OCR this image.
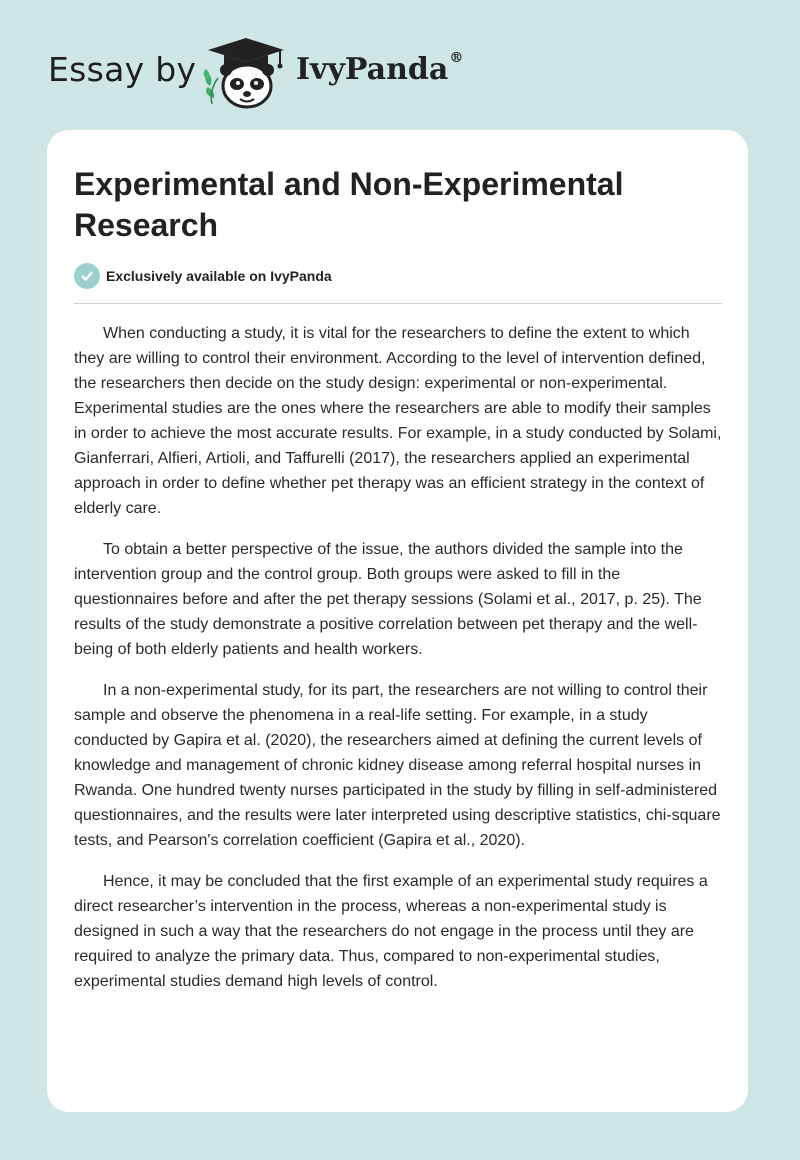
Essay by	IvyPanda®
Experimental and Non-Experimental Research
Exclusively available on IvyPanda

When conducting a study, it is vital for the researchers to define the extent to which they are willing to control their environment. According to the level of intervention defined, the researchers then decide on the study design: experimental or non-experimental. Experimental studies are the ones where the researchers are able to modify their samples in order to achieve the most accurate results. For example, in a study conducted by Solami, Gianferrari, Alfieri, Artioli, and Taffurelli (2017), the researchers applied an experimental approach in order to define whether pet therapy was an efficient strategy in the context of elderly care.

To obtain a better perspective of the issue, the authors divided the sample into the intervention group and the control group. Both groups were asked to fill in the questionnaires before and after the pet therapy sessions (Solami et al., 2017, p. 25). The results of the study demonstrate a positive correlation between pet therapy and the well-being of both elderly patients and health workers.

In a non-experimental study, for its part, the researchers are not willing to control their sample and observe the phenomena in a real-life setting. For example, in a study conducted by Gapira et al. (2020), the researchers aimed at defining the current levels of knowledge and management of chronic kidney disease among referral hospital nurses in Rwanda. One hundred twenty nurses participated in the study by filling in self-administered questionnaires, and the results were later interpreted using descriptive statistics, chi-square tests, and Pearson's correlation coefficient (Gapira et al., 2020).

Hence, it may be concluded that the first example of an experimental study requires a direct researcher’s intervention in the process, whereas a non-experimental study is designed in such a way that the researchers do not engage in the process until they are required to analyze the primary data. Thus, compared to non-experimental studies, experimental studies demand high levels of control.
